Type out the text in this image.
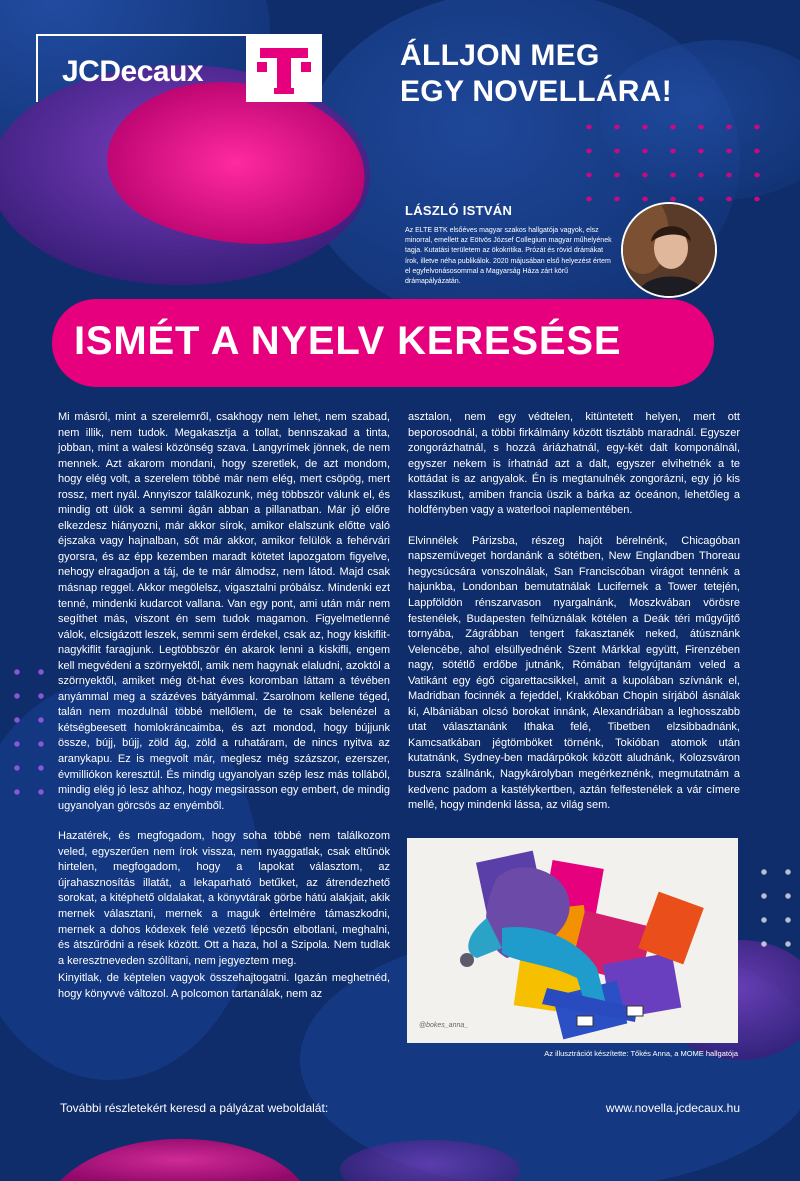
JCDecaux	ÁLLJON MEG
EGY NOVELLÁRA!
LÁSZLÓ ISTVÁN
Az ELTE BTK elsőéves magyar szakos hallgatója vagyok, elsz minorral, emellett az Eötvös József Collegium magyar műhelyének tagja. Kutatási területem az ökokritika. Prózát és rövid drámákat írok, illetve néha publikálok. 2020 májusában első helyezést értem el egyfelvonásosommal a Magyarság Háza zárt körű drámapályázatán.
ISMÉT A NYELV KERESÉSE

Mi másról, mint a szerelemről, csakhogy nem lehet, nem szabad, nem illik, nem tudok. Megakasztja a tollat, bennszakad a tinta, jobban, mint a walesi közönség szava. Langyrímek jönnek, de nem mennek. Azt akarom mondani, hogy szeretlek, de azt mondom, hogy elég volt, a szerelem többé már nem elég, mert csöpög, mert rossz, mert nyál. Annyiszor találkozunk, még többször válunk el, és mindig ott ülök a semmi ágán abban a pillanatban. Már jó előre elkezdesz hiányozni, már akkor sírok, amikor elalszunk előtte való éjszaka vagy hajnalban, sőt már akkor, amikor felülök a fehérvári gyorsra, és az épp kezemben maradt kötetet lapozgatom figyelve, nehogy elragadjon a táj, de te már álmodsz, nem látod. Majd csak másnap reggel. Akkor megölelsz, vigasztalni próbálsz. Mindenki ezt tenné, mindenki kudarcot vallana. Van egy pont, ami után már nem segíthet más, viszont én sem tudok magamon. Figyelmetlenné válok, elcsigázott leszek, semmi sem érdekel, csak az, hogy kiskiflit-nagykiflit faragjunk. Legtöbbször én akarok lenni a kiskifli, engem kell megvédeni a szörnyektől, amik nem hagynak elaludni, azoktól a szörnyektől, amiket még öt-hat éves koromban láttam a tévében anyámmal meg a százéves bátyámmal. Zsarolnom kellene téged, talán nem mozdulnál többé mellőlem, de te csak belenézel a kétségbeesett homlokráncaimba, és azt mondod, hogy bújjunk össze, bújj, bújj, zöld ág, zöld a ruhatáram, de nincs nyitva az aranykapu. Ez is megvolt már, meglesz még százszor, ezerszer, évmilliókon keresztül. És mindig ugyanolyan szép lesz más tollából, mindig elég jó lesz ahhoz, hogy megsirasson egy embert, de mindig ugyanolyan görcsös az enyémből.

Hazatérek, és megfogadom, hogy soha többé nem találkozom veled, egyszerűen nem írok vissza, nem nyaggatlak, csak eltűnök hirtelen, megfogadom, hogy a lapokat választom, az újrahasznosítás illatát, a lekaparható betűket, az átrendezhető sorokat, a kitéphető oldalakat, a könyvtárak görbe hátú alakjait, akik mernek választani, mernek a maguk értelmére támaszkodni, mernek a dohos kódexek felé vezető lépcsőn elbotlani, meghalni, és átszűrődni a rések között. Ott a haza, hol a Szipola. Nem tudlak a keresztneveden szólítani, nem jegyeztem meg.

Kinyitlak, de képtelen vagyok összehajtogatni. Igazán meghetnéd, hogy könyvvé változol. A polcomon tartanálak, nem az

asztalon, nem egy védtelen, kitüntetett helyen, mert ott beporosodnál, a többi firkálmány között tisztább maradnál. Egyszer zongorázhatnál, s hozzá áriázhatnál, egy-két dalt komponálnál, egyszer nekem is írhatnád azt a dalt, egyszer elvihetnék a te kottádat is az angyalok. Én is megtanulnék zongorázni, egy jó kis klasszikust, amiben francia üszik a bárka az óceánon, lehetőleg a holdfényben vagy a waterlooi naplementében.

Elvinnélek Párizsba, részeg hajót bérelnénk, Chicagóban napszemüveget hordanánk a sötétben, New Englandben Thoreau hegycsúcsára vonszolnálak, San Franciscóban virágot tennénk a hajunkba, Londonban bemutatnálak Lucifernek a Tower tetején, Lappföldön rénszarvason nyargalnánk, Moszkvában vörösre festenélek, Budapesten felhúználak kötélen a Deák téri műgyűjtő tornyába, Zágrábban tengert fakasztanék neked, átúsznánk Velencébe, ahol elsüllyednénk Szent Márkkal együtt, Firenzében nagy, sötétlő erdőbe jutnánk, Rómában felgyújtanám veled a Vatikánt egy égő cigarettacsikkel, amit a kupolában szívnánk el, Madridban focinnék a fejeddel, Krakkóban Chopin sírjából ásnálak ki, Albániában olcsó borokat innánk, Alexandriában a leghosszabb utat választanánk Ithaka felé, Tibetben elzsibbadnánk, Kamcsatkában jégtömböket törnénk, Tokióban atomok után kutatnánk, Sydney-ben madárpókok között aludnánk, Kolozsváron buszra szállnánk, Nagykárolyban megérkeznénk, megmutatnám a kedvenc padom a kastélykertben, aztán felfestenélek a vár címere mellé, hogy mindenki lássa, az világ sem.

@bokes_anna_
Az illusztrációt készítette: Tőkés Anna, a MOME hallgatója
További részletekért keresd a pályázat weboldalát:	www.novella.jcdecaux.hu
